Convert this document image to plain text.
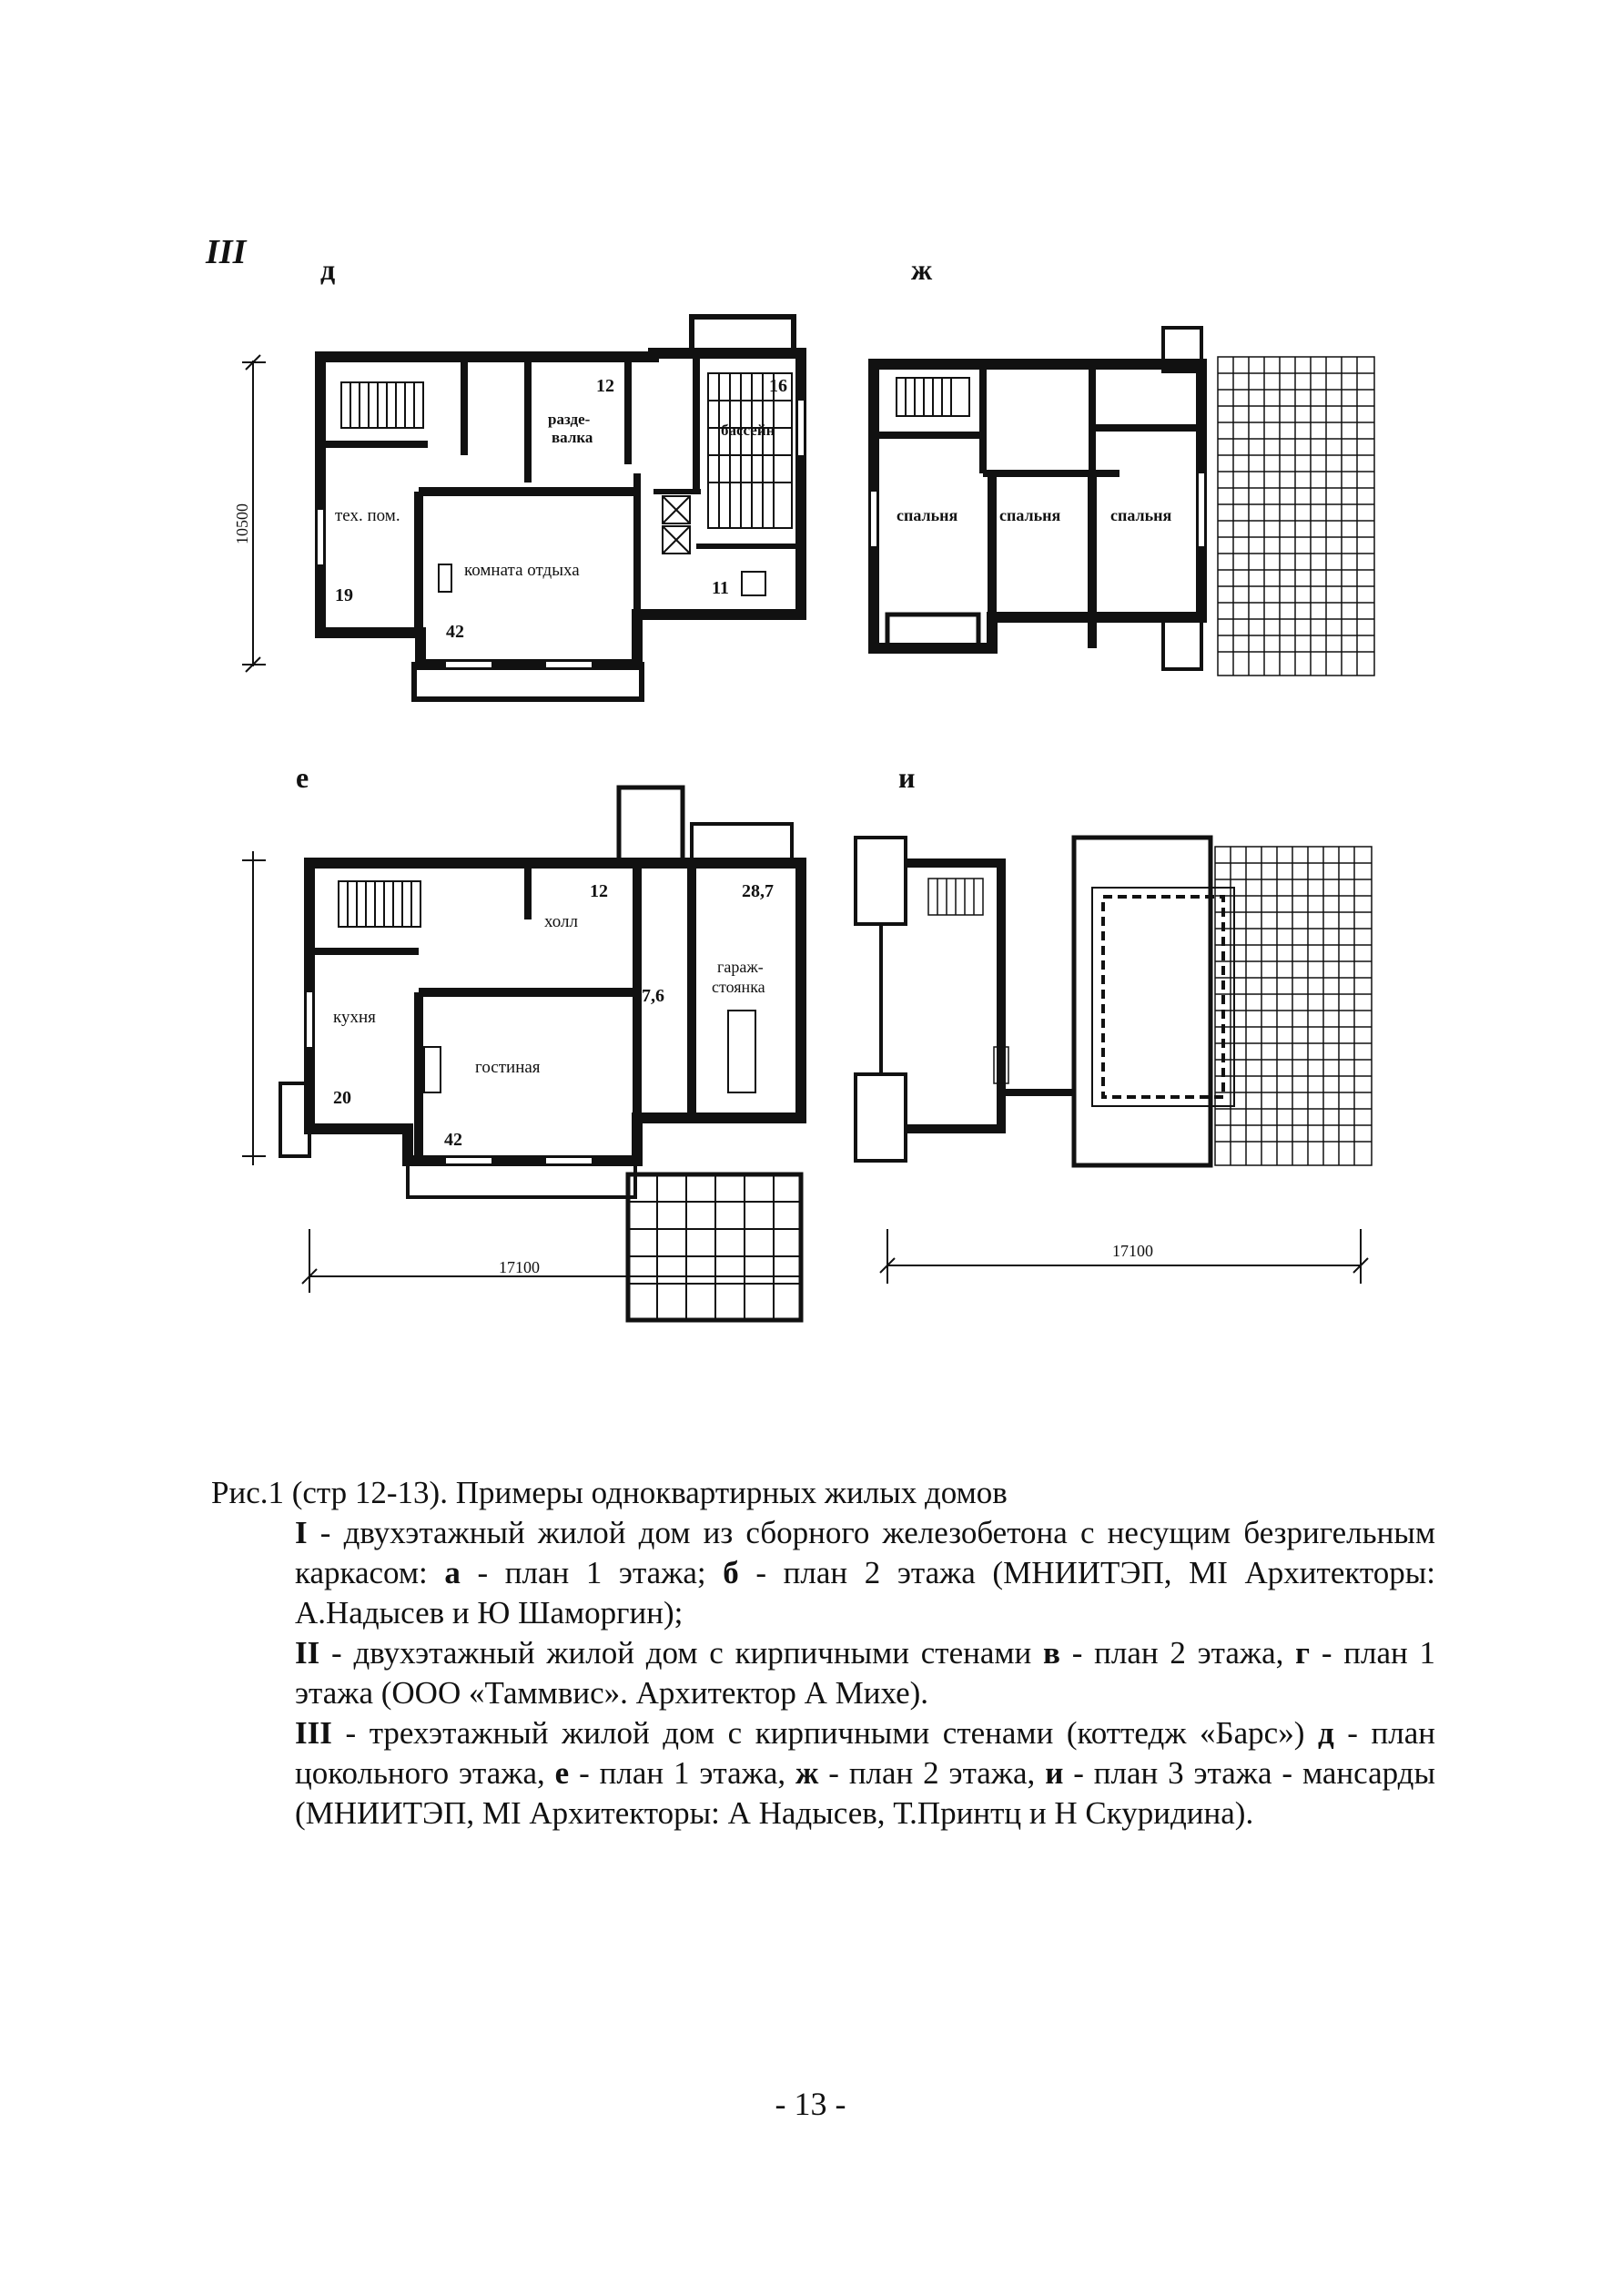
III	д	ж
е	и
10500	тех. пом.
19
комната отдыха
42
разде-
валка
12
бассейн
16
11
спальня	спальня	спальня
кухня
20
гостиная
42
холл
12
7,6
гараж-
стоянка
28,7
17100
17100
Рис.1 (стр 12-13). Примеры одноквартирных жилых домов
I - двухэтажный жилой дом из сборного железобетона с несущим безригельным каркасом: а - план 1 этажа; б - план 2 этажа (МНИИТЭП, МI Архитекторы: А.Надысев и Ю Шаморгин);
II - двухэтажный жилой дом с кирпичными стенами в - план 2 этажа, г - план 1 этажа (ООО «Таммвис». Архитектор А Михе).
III - трехэтажный жилой дом с кирпичными стенами (коттедж «Барс») д - план цокольного этажа, е - план 1 этажа, ж - план 2 этажа, и - план 3 этажа - мансарды (МНИИТЭП, МI Архитекторы: А Надысев, Т.Принтц и Н Скуридина).
- 13 -
